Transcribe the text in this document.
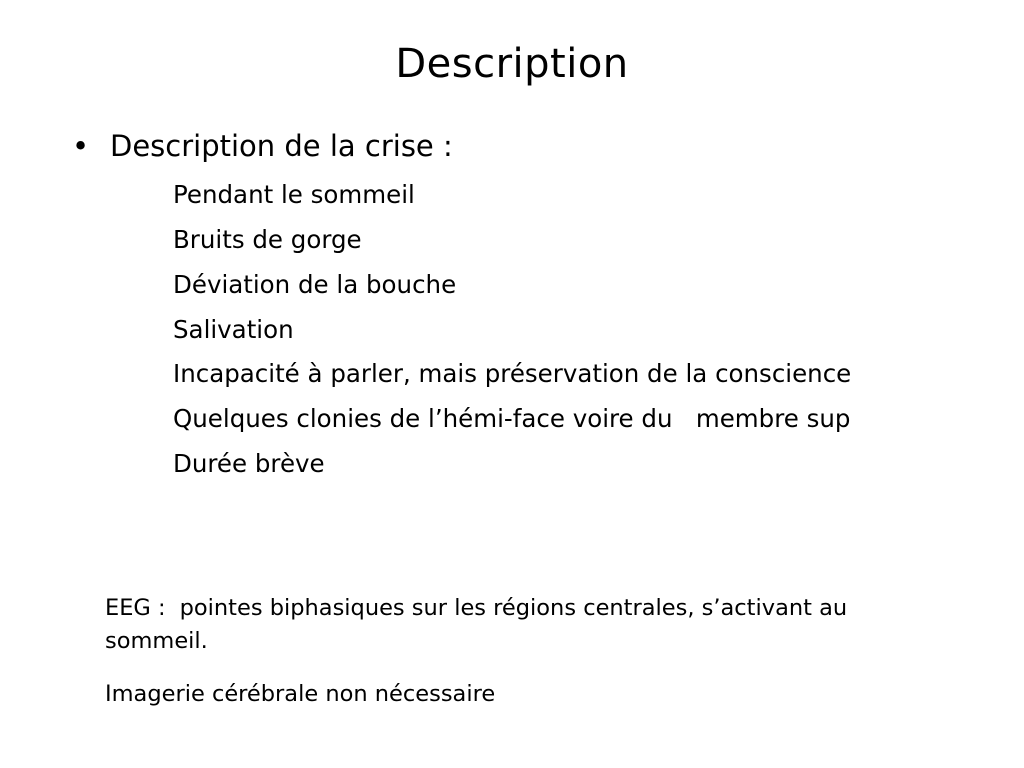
Description
• Description de la crise :
Pendant le sommeil
Bruits de gorge
Déviation de la bouche
Salivation
Incapacité à parler, mais préservation de la conscience
Quelques clonies de l’hémi-face voire du   membre sup
Durée brève
EEG : pointes biphasiques sur les régions centrales, s’activant au sommeil.
Imagerie cérébrale non nécessaire
